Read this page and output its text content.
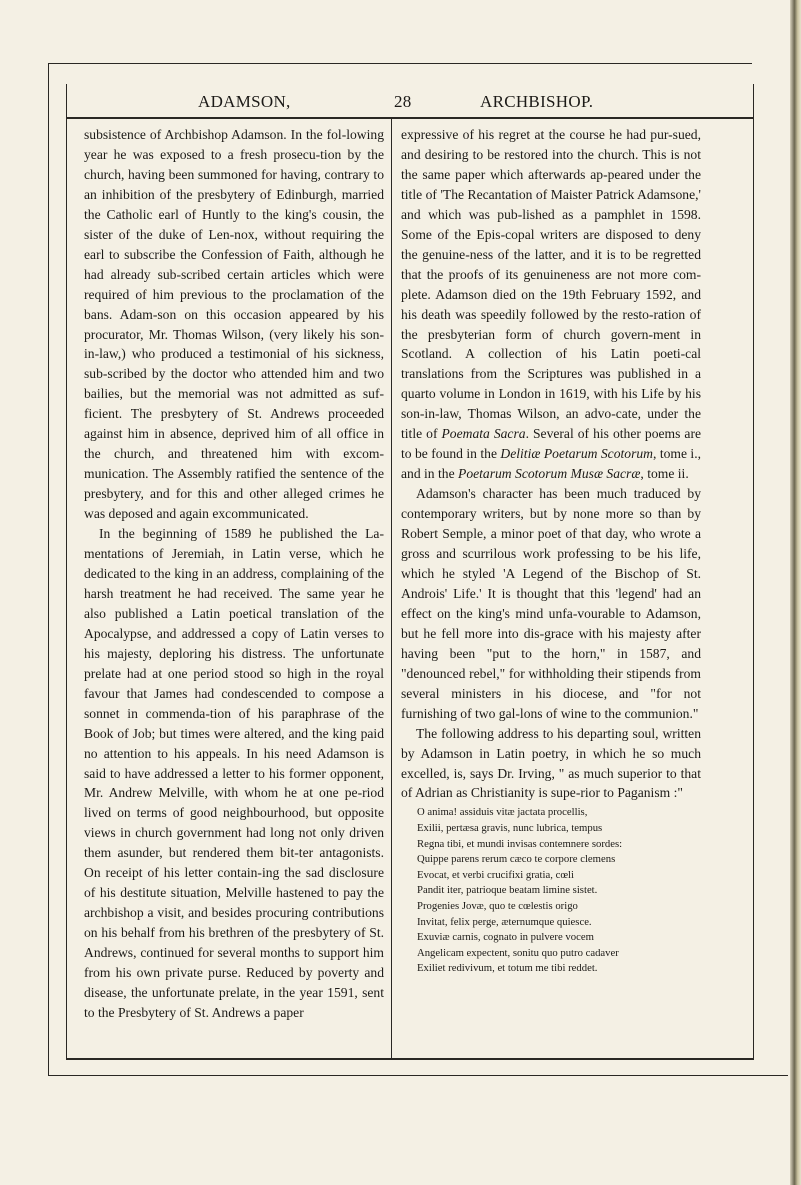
ADAMSON,	28	ARCHBISHOP.

subsistence of Archbishop Adamson. In the fol-lowing year he was exposed to a fresh prosecu-tion by the church, having been summoned for having, contrary to an inhibition of the presbytery of Edinburgh, married the Catholic earl of Huntly to the king's cousin, the sister of the duke of Len-nox, without requiring the earl to subscribe the Confession of Faith, although he had already sub-scribed certain articles which were required of him previous to the proclamation of the bans. Adam-son on this occasion appeared by his procurator, Mr. Thomas Wilson, (very likely his son-in-law,) who produced a testimonial of his sickness, sub-scribed by the doctor who attended him and two bailies, but the memorial was not admitted as suf-ficient. The presbytery of St. Andrews proceeded against him in absence, deprived him of all office in the church, and threatened him with excom-munication. The Assembly ratified the sentence of the presbytery, and for this and other alleged crimes he was deposed and again excommunicated.

In the beginning of 1589 he published the La-mentations of Jeremiah, in Latin verse, which he dedicated to the king in an address, complaining of the harsh treatment he had received. The same year he also published a Latin poetical translation of the Apocalypse, and addressed a copy of Latin verses to his majesty, deploring his distress. The unfortunate prelate had at one period stood so high in the royal favour that James had condescended to compose a sonnet in commenda-tion of his paraphrase of the Book of Job; but times were altered, and the king paid no attention to his appeals. In his need Adamson is said to have addressed a letter to his former opponent, Mr. Andrew Melville, with whom he at one pe-riod lived on terms of good neighbourhood, but opposite views in church government had long not only driven them asunder, but rendered them bit-ter antagonists. On receipt of his letter contain-ing the sad disclosure of his destitute situation, Melville hastened to pay the archbishop a visit, and besides procuring contributions on his behalf from his brethren of the presbytery of St. Andrews, continued for several months to support him from his own private purse. Reduced by poverty and disease, the unfortunate prelate, in the year 1591, sent to the Presbytery of St. Andrews a paper

expressive of his regret at the course he had pur-sued, and desiring to be restored into the church. This is not the same paper which afterwards ap-peared under the title of 'The Recantation of Maister Patrick Adamsone,' and which was pub-lished as a pamphlet in 1598. Some of the Epis-copal writers are disposed to deny the genuine-ness of the latter, and it is to be regretted that the proofs of its genuineness are not more com-plete. Adamson died on the 19th February 1592, and his death was speedily followed by the resto-ration of the presbyterian form of church govern-ment in Scotland. A collection of his Latin poeti-cal translations from the Scriptures was published in a quarto volume in London in 1619, with his Life by his son-in-law, Thomas Wilson, an advo-cate, under the title of Poemata Sacra. Several of his other poems are to be found in the Delitiæ Poetarum Scotorum, tome i., and in the Poetarum Scotorum Musæ Sacræ, tome ii.

Adamson's character has been much traduced by contemporary writers, but by none more so than by Robert Semple, a minor poet of that day, who wrote a gross and scurrilous work professing to be his life, which he styled 'A Legend of the Bischop of St. Androis' Life.' It is thought that this 'legend' had an effect on the king's mind unfa-vourable to Adamson, but he fell more into dis-grace with his majesty after having been "put to the horn," in 1587, and "denounced rebel," for withholding their stipends from several ministers in his diocese, and "for not furnishing of two gal-lons of wine to the communion."

The following address to his departing soul, written by Adamson in Latin poetry, in which he so much excelled, is, says Dr. Irving, " as much superior to that of Adrian as Christianity is supe-rior to Paganism :"

O anima! assiduis vitæ jactata procellis,
Exilii, pertæsa gravis, nunc lubrica, tempus
Regna tibi, et mundi invisas contemnere sordes:
Quippe parens rerum cæco te corpore clemens
Evocat, et verbi crucifixi gratia, cœli
Pandit iter, patrioque beatam limine sistet.
Progenies Jovæ, quo te cœlestis origo
Invitat, felix perge, æternumque quiesce.
Exuviæ carnis, cognato in pulvere vocem
Angelicam expectent, sonitu quo putro cadaver
Exiliet redivivum, et totum me tibi reddet.
